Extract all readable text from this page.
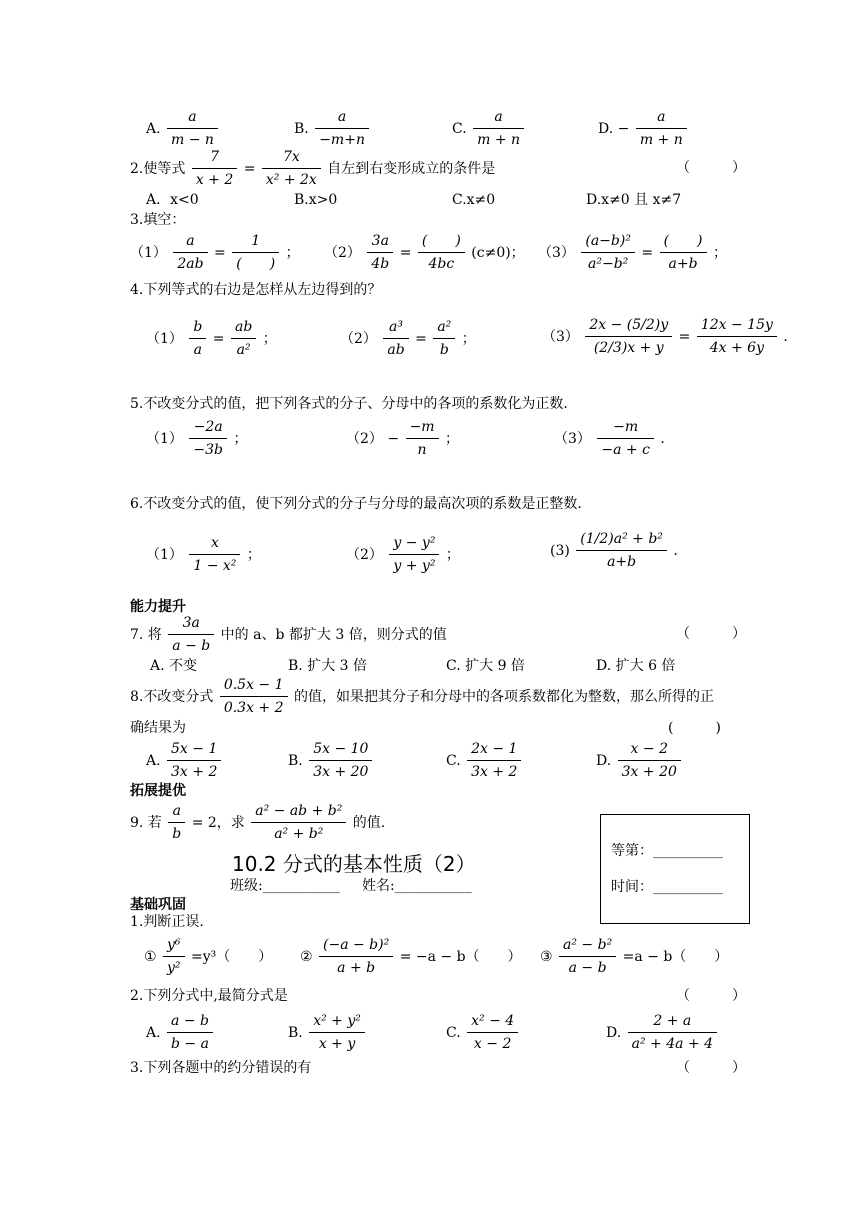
A. $\frac{a}{m - n}$	B. $\frac{a}{-m+n}$	C. $\frac{a}{m + n}$	D. − $\frac{a}{m + n}$
2.使等式 $\frac{7}{x + 2} = \frac{7x}{\text{x² + 2x}}$ 自左到右变形成立的条件是	（　　　）
A．x<0	B.x>0	C.x≠0	D.x≠0 且 x≠7
3.填空：
$(1) \frac{a}{2ab} = \frac{1}{( )}$ ； $(2) \frac{3a}{4b} = \frac{( )}{4bc} (c\ne 0)$； $(3) \frac{\text{(a−b)²}}{\text{a²−b²}} = \frac{( )}{a+b}$ ；
4.下列等式的右边是怎样从左边得到的？
$(1) \frac{b}{a} = \frac{ab}{\text{a²}}$ ；	$(2) \frac{\text{a³}}{ab} = \frac{\text{a²}}{b}$ ；	$(3) \frac{2x - (5/2)y}{(2/3)x + y} = \frac{12x - 15y}{4x + 6y}$ .
5.不改变分式的值，把下列各式的分子、分母中的各项的系数化为正数.
$(1) \frac{-2a}{-3b}$ ；	$(2) - \frac{-m}{n}$ ；	$(3) \frac{-m}{-a + c}$ .
6.不改变分式的值，使下列分式的分子与分母的最高次项的系数是正整数.
$(1) \frac{x}{\text{1 − x²}}$ ；	$(2) \frac{\text{y − y²}}{\text{y + y²}}$ ；	$(3) \frac{\text{(1/2)a² + b²}}{a+b}$ .
能力提升
7. 将 $\frac{3a}{a - b}$ 中的 a、b 都扩大 3 倍，则分式的值	（　　　）
A. 不变	B. 扩大 3 倍	C. 扩大 9 倍	D. 扩大 6 倍
8.不改变分式 $\frac{0.5x - 1}{0.3x + 2}$ 的值，如果把其分子和分母中的各项系数都化为整数，那么所得的正
确结果为	(　　　)
A. $\frac{5x - 1}{3x + 2}$	B. $\frac{5x - 10}{3x + 20}$	C. $\frac{2x - 1}{3x + 2}$	D. $\frac{x - 2}{3x + 20}$
拓展提优
9. 若 $\frac{a}{b} = 2$，求 $\frac{\text{a² − ab + b²}}{\text{a² + b²}}$ 的值.
10.2 分式的基本性质（2）
班级:___________ 姓名:___________
等第：__________
时间：__________
基础巩固
1.判断正误.
① $\frac{\text{y⁶}}{\text{y²}} =y^3$（　　） ② $\frac{\text{(−a − b)²}}{a + b} = -a - b$（　　） ③ $\frac{\text{a² − b²}}{a - b} =a - b$（　　）
2.下列分式中,最简分式是	（　　　）
A. $\frac{a - b}{b - a}$	B. $\frac{\text{x² + y²}}{x + y}$	C. $\frac{\text{x² − 4}}{x - 2}$	D. $\frac{2 + a}{\text{a² + 4a + 4}}$
3.下列各题中的约分错误的有	（　　　）
